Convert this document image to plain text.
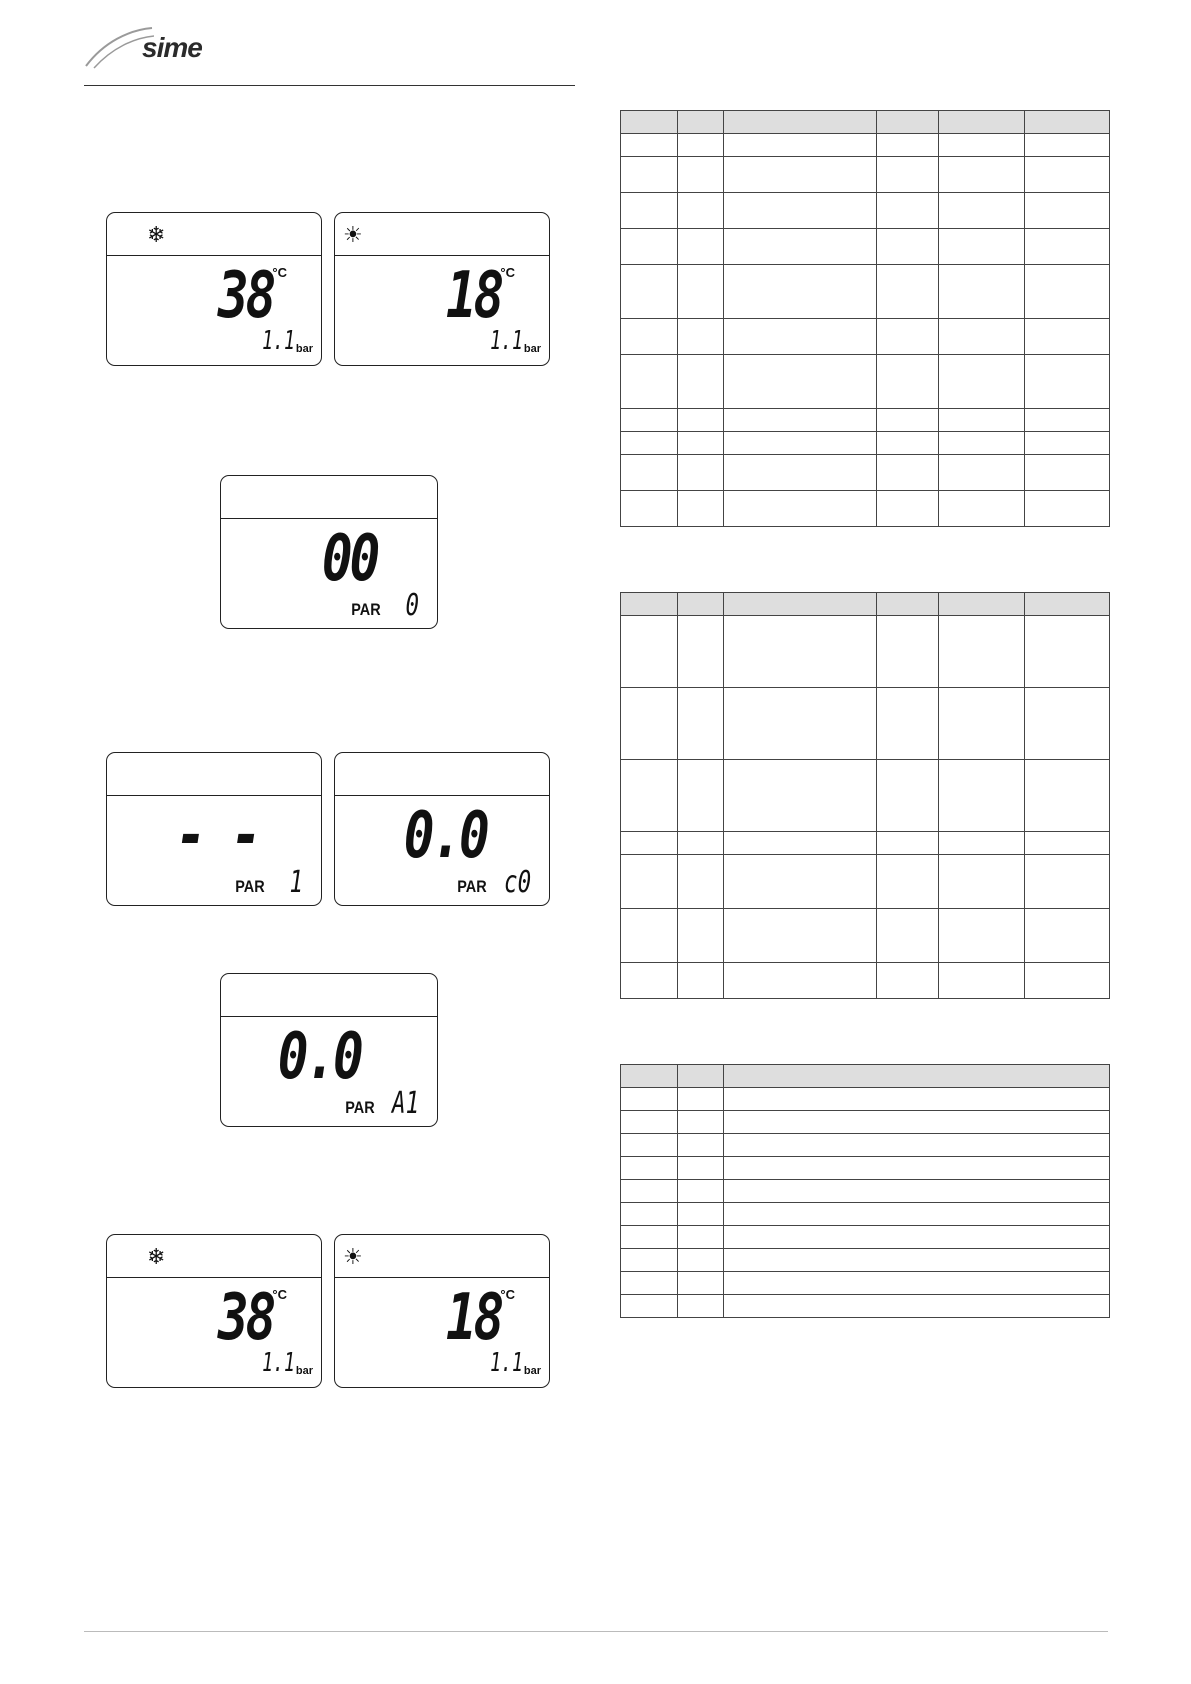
sime
❄
38 °C
1.1 bar
☀
18 °C
1.1 bar
00
PAR 0
- -
PAR 1
0.0
PAR c0
0.0
PAR A1
❄
38 °C
1.1 bar
☀
18 °C
1.1 bar
